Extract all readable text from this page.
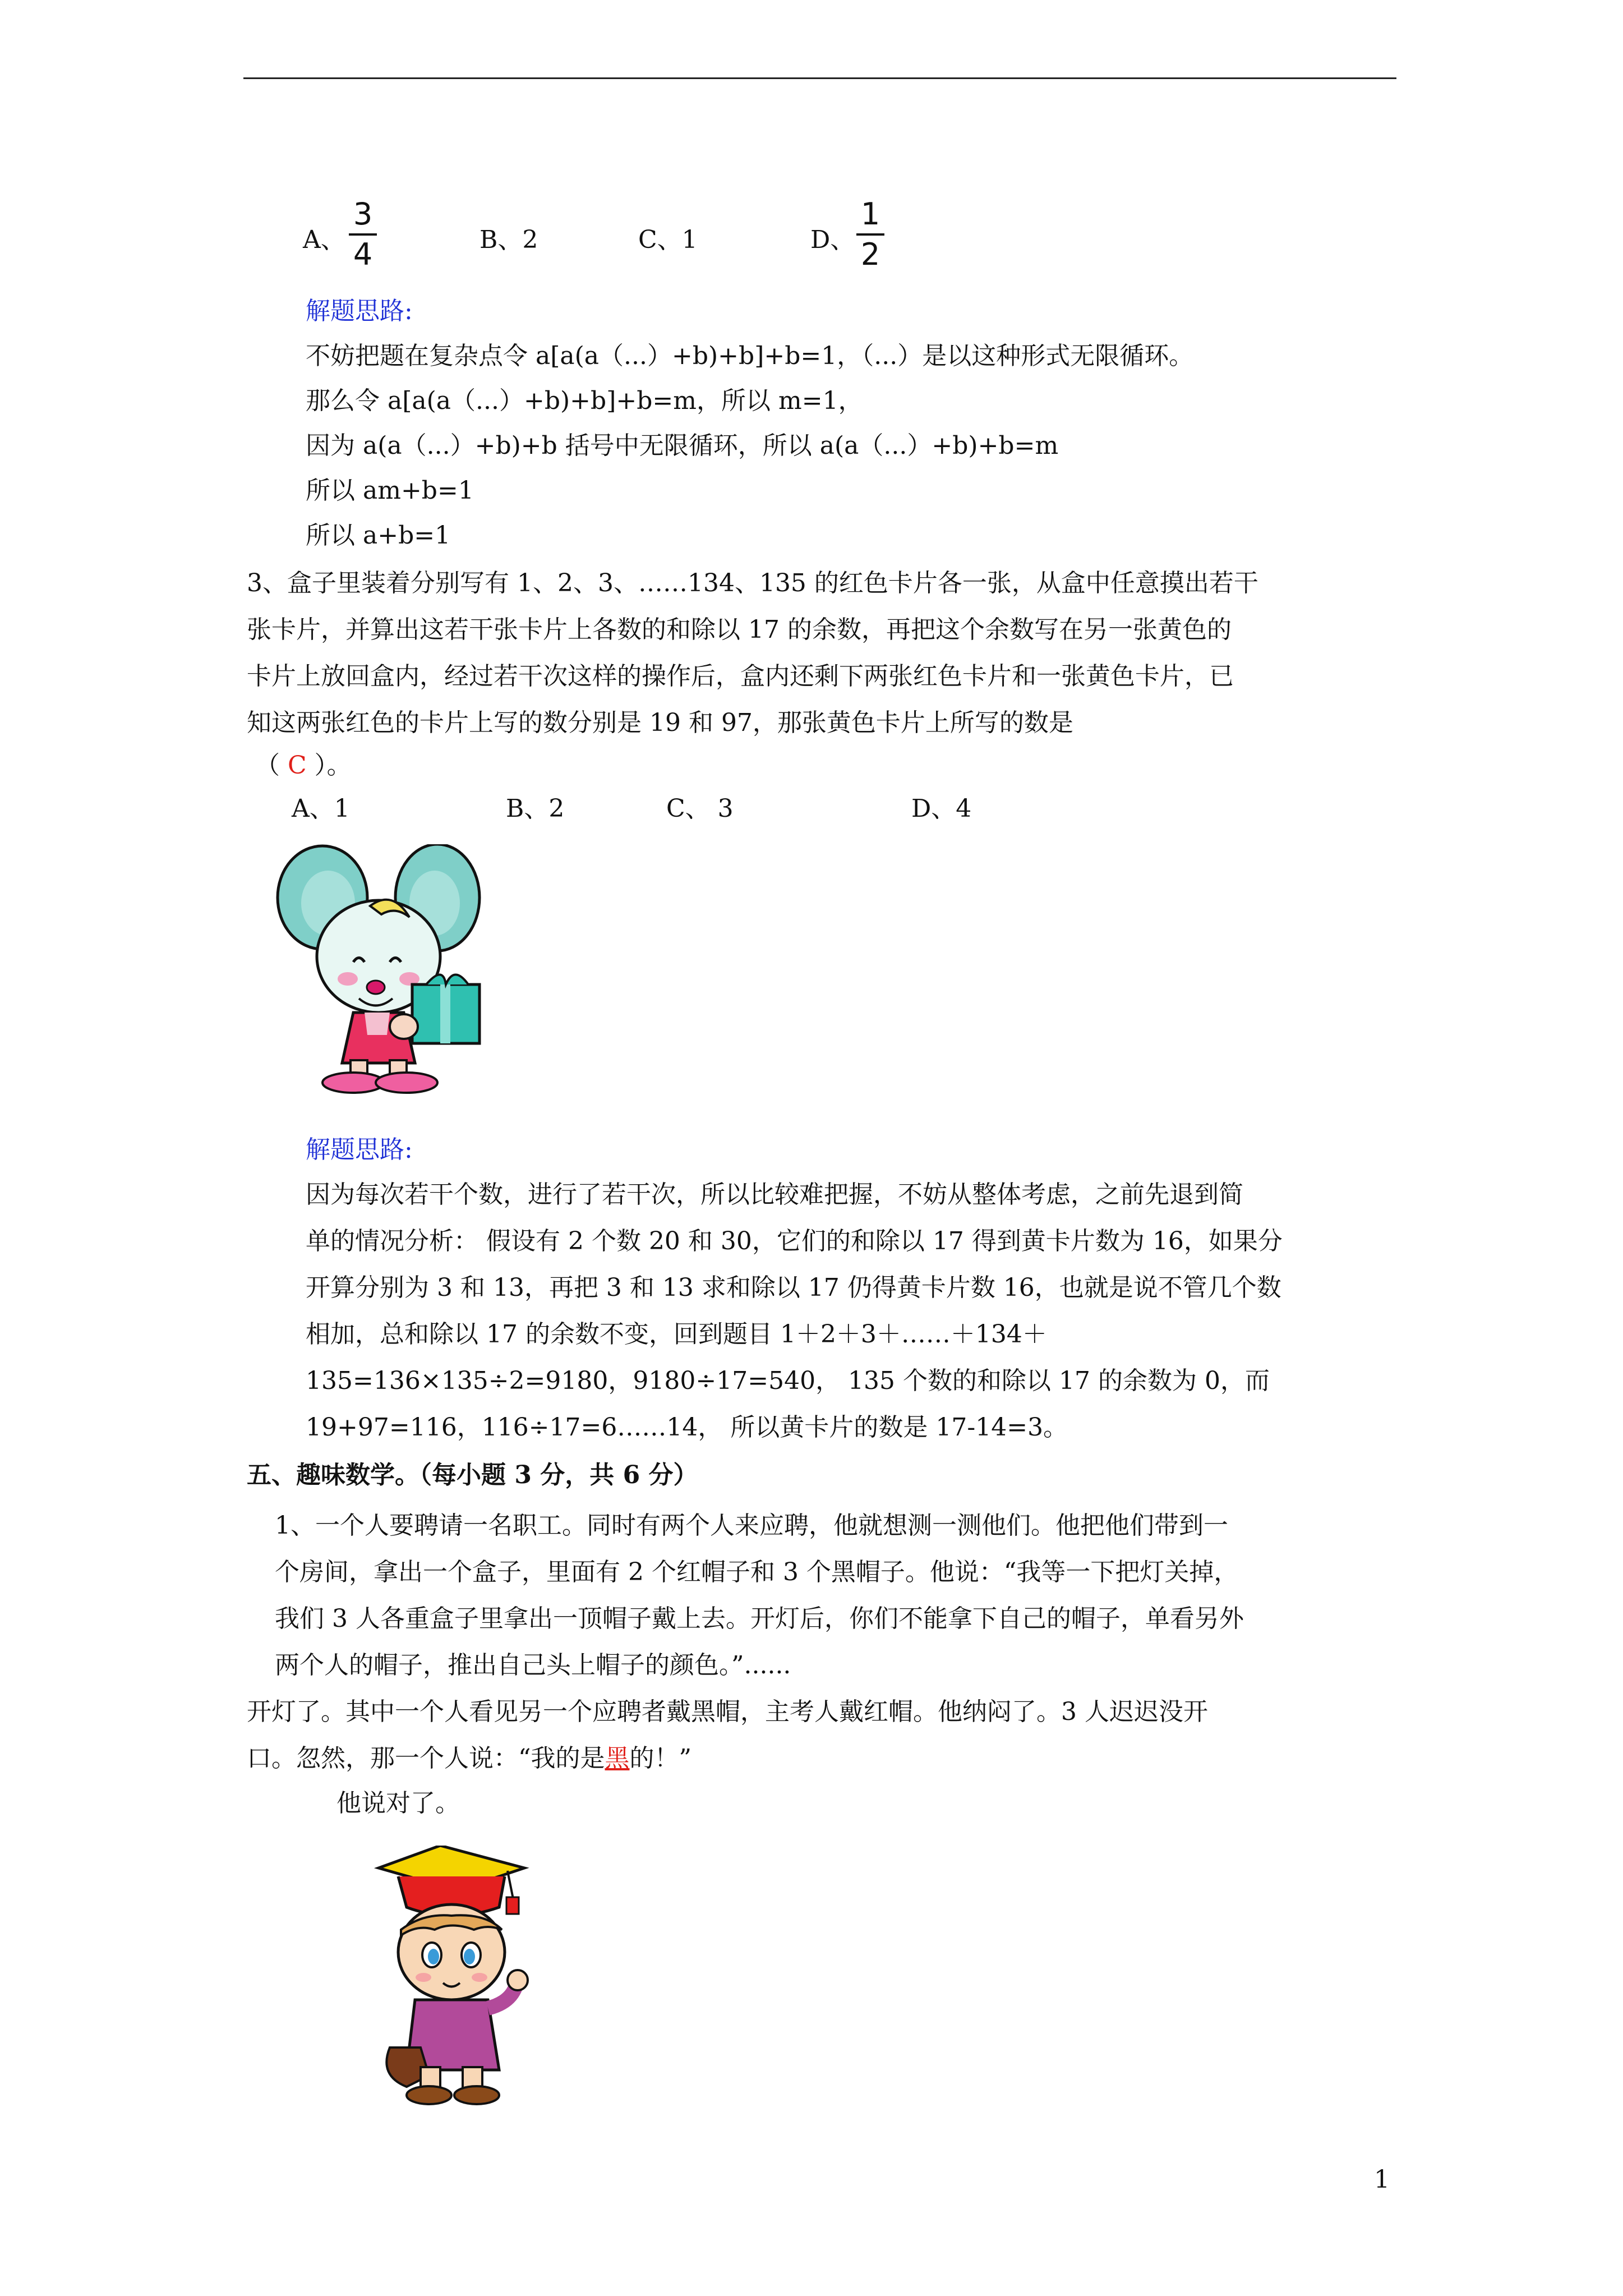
A、
3
4	B、2	C、1	D、
1
2
解题思路:
不妨把题在复杂点令 a[a(a（...）+b)+b]+b=1，（...）是以这种形式无限循环。
那么令 a[a(a（...）+b)+b]+b=m，所以 m=1，
因为 a(a（...）+b)+b 括号中无限循环，所以 a(a（...）+b)+b=m
所以 am+b=1
所以 a+b=1
3、盒子里装着分别写有 1、2、3、……134、135 的红色卡片各一张，从盒中任意摸出若干
张卡片，并算出这若干张卡片上各数的和除以 17 的余数，再把这个余数写在另一张黄色的
卡片上放回盒内，经过若干次这样的操作后，盒内还剩下两张红色卡片和一张黄色卡片，已
知这两张红色的卡片上写的数分别是 19 和 97，那张黄色卡片上所写的数是
（ C ）。
A、1	B、2	C、 3	D、4
解题思路:
因为每次若干个数，进行了若干次，所以比较难把握，不妨从整体考虑，之前先退到简
单的情况分析： 假设有 2 个数 20 和 30，它们的和除以 17 得到黄卡片数为 16，如果分
开算分别为 3 和 13，再把 3 和 13 求和除以 17 仍得黄卡片数 16，也就是说不管几个数
相加，总和除以 17 的余数不变，回到题目 1＋2＋3＋……＋134＋
135=136×135÷2=9180，9180÷17=540， 135 个数的和除以 17 的余数为 0，而
19+97=116，116÷17=6……14， 所以黄卡片的数是 17-14=3。
五、趣味数学。（每小题 3 分，共 6 分）
1、一个人要聘请一名职工。同时有两个人来应聘，他就想测一测他们。他把他们带到一
个房间，拿出一个盒子，里面有 2 个红帽子和 3 个黑帽子。他说：“我等一下把灯关掉，
我们 3 人各重盒子里拿出一顶帽子戴上去。开灯后，你们不能拿下自己的帽子，单看另外
两个人的帽子，推出自己头上帽子的颜色。”......
开灯了。其中一个人看见另一个应聘者戴黑帽，主考人戴红帽。他纳闷了。3 人迟迟没开
口。忽然，那一个人说：“我的是黑的！”
他说对了。
1
